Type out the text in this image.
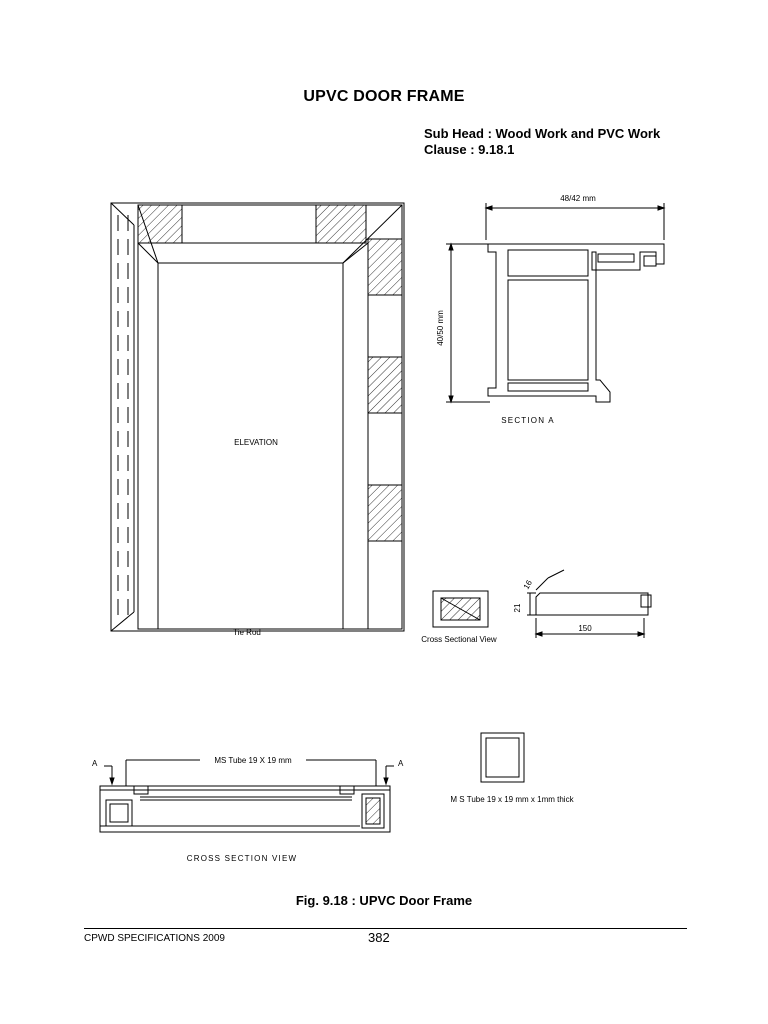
UPVC DOOR FRAME
Sub Head : Wood Work and PVC Work
Clause : 9.18.1
ELEVATION
Tie Rod
48/42 mm
40/50 mm
SECTION A
16
21
150
Cross Sectional View
M S Tube 19 x 19 mm x 1mm thick
A	A
MS Tube 19 X 19 mm
CROSS SECTION VIEW
Fig. 9.18 : UPVC Door Frame
CPWD SPECIFICATIONS 2009	382
